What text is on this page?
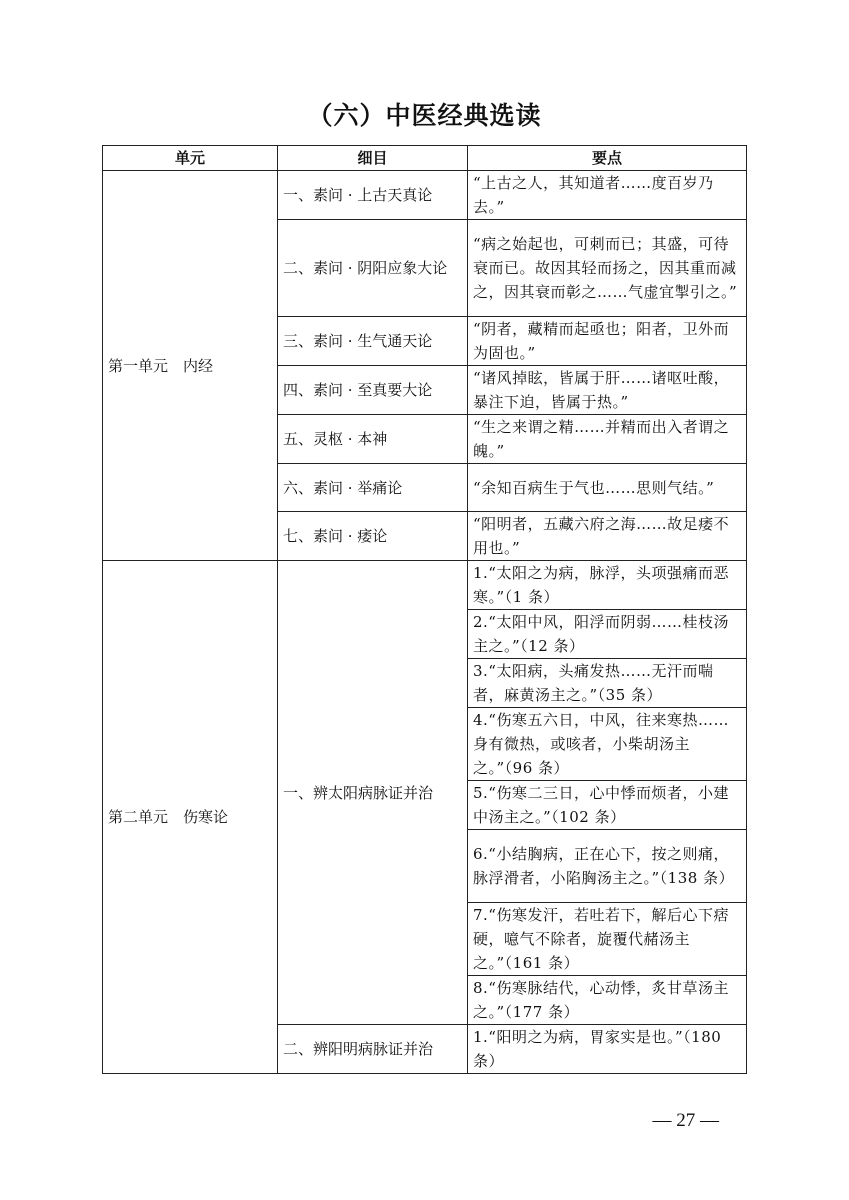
（六）中医经典选读
单元	细目	要点
第一单元　内经	一、素问 · 上古天真论	“上古之人，其知道者……度百岁乃去。”
	二、素问 · 阴阳应象大论	“病之始起也，可刺而已；其盛，可待衰而已。故因其轻而扬之，因其重而减之，因其衰而彰之……气虚宜掣引之。”
	三、素问 · 生气通天论	“阴者，藏精而起亟也；阳者，卫外而为固也。”
	四、素问 · 至真要大论	“诸风掉眩，皆属于肝……诸呕吐酸，暴注下迫，皆属于热。”
	五、灵枢 · 本神	“生之来谓之精……并精而出入者谓之魄。”
	六、素问 · 举痛论	“余知百病生于气也……思则气结。”
	七、素问 · 痿论	“阳明者，五藏六府之海……故足痿不用也。”
第二单元　伤寒论	一、辨太阳病脉证并治	1.“太阳之为病，脉浮，头项强痛而恶寒。”（1 条）
		2.“太阳中风，阳浮而阴弱……桂枝汤主之。”（12 条）
		3.“太阳病，头痛发热……无汗而喘者，麻黄汤主之。”（35 条）
		4.“伤寒五六日，中风，往来寒热……身有微热，或咳者，小柴胡汤主之。”（96 条）
		5.“伤寒二三日，心中悸而烦者，小建中汤主之。”（102 条）
		6.“小结胸病，正在心下，按之则痛，脉浮滑者，小陷胸汤主之。”（138 条）
		7.“伤寒发汗，若吐若下，解后心下痞硬，噫气不除者，旋覆代赭汤主之。”（161 条）
		8.“伤寒脉结代，心动悸，炙甘草汤主之。”（177 条）
	二、辨阳明病脉证并治	1.“阳明之为病，胃家实是也。”（180 条）
— 27 —
